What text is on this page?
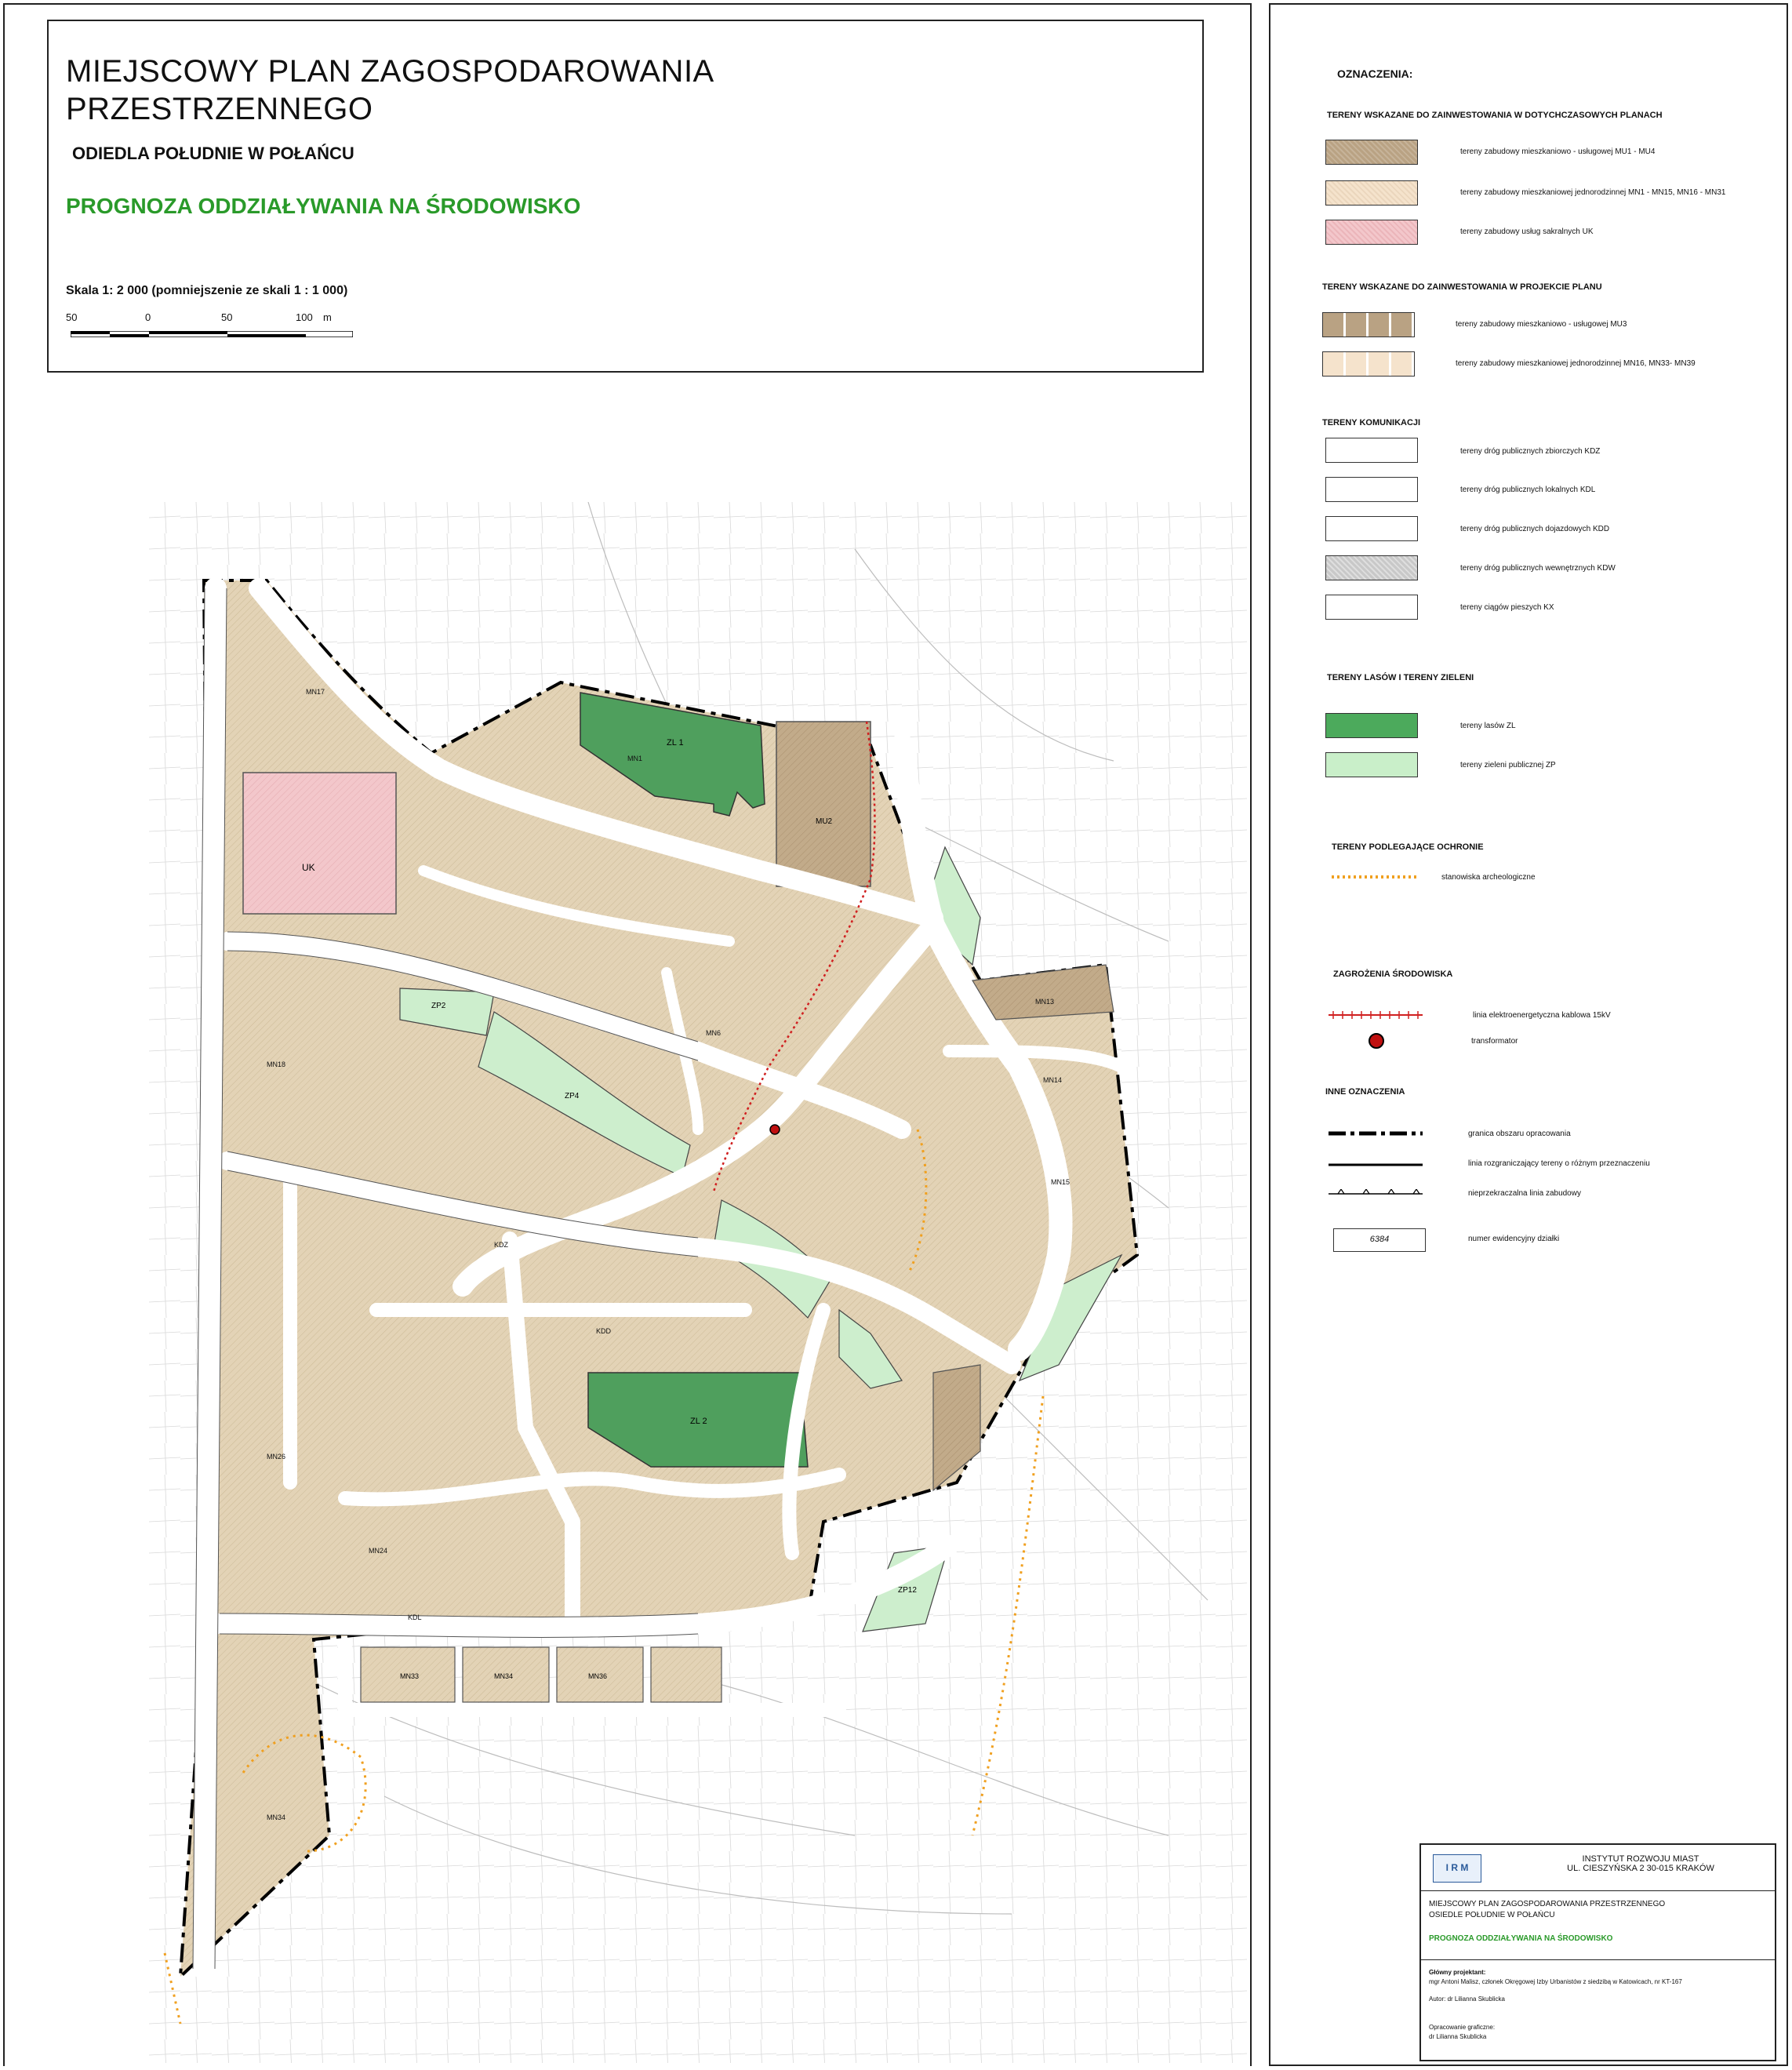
MIEJSCOWY PLAN ZAGOSPODAROWANIA
PRZESTRZENNEGO
ODIEDLA POŁUDNIE W POŁAŃCU
PROGNOZA ODDZIAŁYWANIA NA ŚRODOWISKO
Skala 1: 2 000 (pomniejszenie ze skali 1 : 1 000)
50	0	50	100 m
UK
MU2
ZL 1
ZL 2
ZP2
ZP4
ZP5
ZP12
MN33	MN34	MN36
MN17
MN18
MN1
MN6
MN13
MN14
MN15
MN26
MN24
MN34
KDZ
KDD
KDL
OZNACZENIA:
TERENY WSKAZANE DO ZAINWESTOWANIA W DOTYCHCZASOWYCH PLANACH
tereny zabudowy mieszkaniowo - usługowej MU1 - MU4
tereny zabudowy mieszkaniowej jednorodzinnej MN1 - MN15, MN16 - MN31
tereny zabudowy usług sakralnych UK
TERENY WSKAZANE DO ZAINWESTOWANIA W PROJEKCIE PLANU
tereny zabudowy mieszkaniowo - usługowej MU3
tereny zabudowy mieszkaniowej jednorodzinnej MN16, MN33- MN39
TERENY KOMUNIKACJI
tereny dróg publicznych zbiorczych KDZ
tereny dróg publicznych lokalnych KDL
tereny dróg publicznych dojazdowych KDD
tereny dróg publicznych wewnętrznych KDW
tereny ciągów pieszych KX
TERENY LASÓW I TERENY ZIELENI
tereny lasów ZL
tereny zieleni publicznej ZP
TERENY PODLEGAJĄCE OCHRONIE
stanowiska archeologiczne
ZAGROŻENIA ŚRODOWISKA
linia elektroenergetyczna kablowa 15kV
transformator
INNE OZNACZENIA
granica obszaru opracowania
linia rozgraniczający tereny o różnym przeznaczeniu
nieprzekraczalna linia zabudowy
6384	numer ewidencyjny działki
I R M
INSTYTUT ROZWOJU MIAST
UL. CIESZYŃSKA 2 30-015 KRAKÓW
MIEJSCOWY PLAN ZAGOSPODAROWANIA PRZESTRZENNEGO
OSIEDLE POŁUDNIE W POŁAŃCU
PROGNOZA ODDZIAŁYWANIA NA ŚRODOWISKO
Główny projektant:
mgr Antoni Malisz, członek Okręgowej Izby Urbanistów z siedzibą w Katowicach, nr KT-167
Autor: dr Lilianna Skublicka
Opracowanie graficzne:
dr Lilianna Skublicka
